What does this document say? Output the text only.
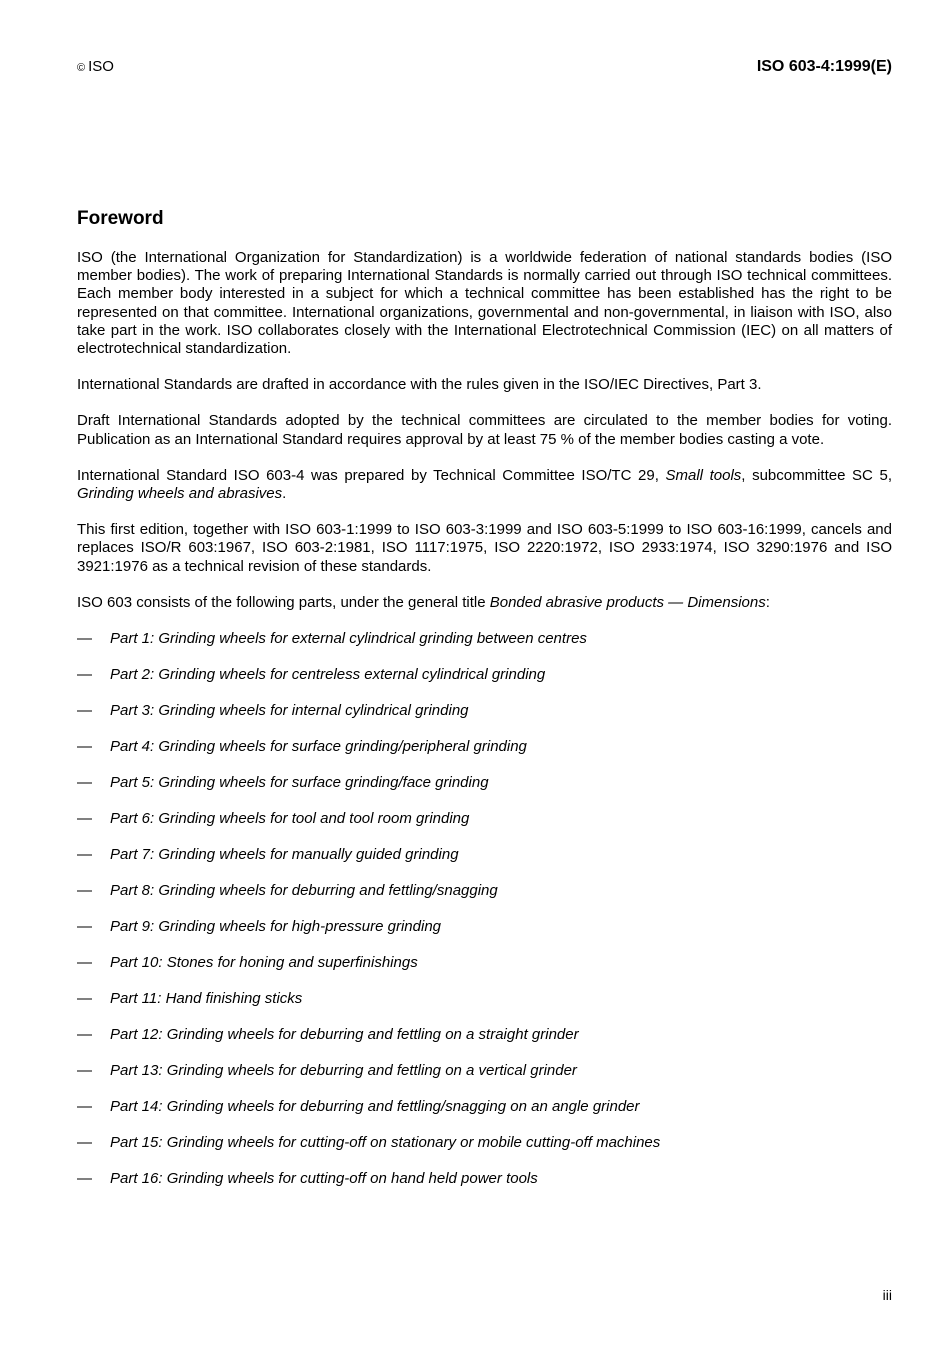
© ISO	ISO 603-4:1999(E)
Foreword

ISO (the International Organization for Standardization) is a worldwide federation of national standards bodies (ISO member bodies). The work of preparing International Standards is normally carried out through ISO technical committees. Each member body interested in a subject for which a technical committee has been established has the right to be represented on that committee. International organizations, governmental and non-governmental, in liaison with ISO, also take part in the work. ISO collaborates closely with the International Electrotechnical Commission (IEC) on all matters of electrotechnical standardization.

International Standards are drafted in accordance with the rules given in the ISO/IEC Directives, Part 3.

Draft International Standards adopted by the technical committees are circulated to the member bodies for voting. Publication as an International Standard requires approval by at least 75 % of the member bodies casting a vote.

International Standard ISO 603-4 was prepared by Technical Committee ISO/TC 29, Small tools, subcommittee SC 5, Grinding wheels and abrasives.

This first edition, together with ISO 603-1:1999 to ISO 603-3:1999 and ISO 603-5:1999 to ISO 603-16:1999, cancels and replaces ISO/R 603:1967, ISO 603-2:1981, ISO 1117:1975, ISO 2220:1972, ISO 2933:1974, ISO 3290:1976 and ISO 3921:1976 as a technical revision of these standards.

ISO 603 consists of the following parts, under the general title Bonded abrasive products — Dimensions:

— Part 1: Grinding wheels for external cylindrical grinding between centres
— Part 2: Grinding wheels for centreless external cylindrical grinding
— Part 3: Grinding wheels for internal cylindrical grinding
— Part 4: Grinding wheels for surface grinding/peripheral grinding
— Part 5: Grinding wheels for surface grinding/face grinding
— Part 6: Grinding wheels for tool and tool room grinding
— Part 7: Grinding wheels for manually guided grinding
— Part 8: Grinding wheels for deburring and fettling/snagging
— Part 9: Grinding wheels for high-pressure grinding
— Part 10: Stones for honing and superfinishings
— Part 11: Hand finishing sticks
— Part 12: Grinding wheels for deburring and fettling on a straight grinder
— Part 13: Grinding wheels for deburring and fettling on a vertical grinder
— Part 14: Grinding wheels for deburring and fettling/snagging on an angle grinder
— Part 15: Grinding wheels for cutting-off on stationary or mobile cutting-off machines
— Part 16: Grinding wheels for cutting-off on hand held power tools
iii
